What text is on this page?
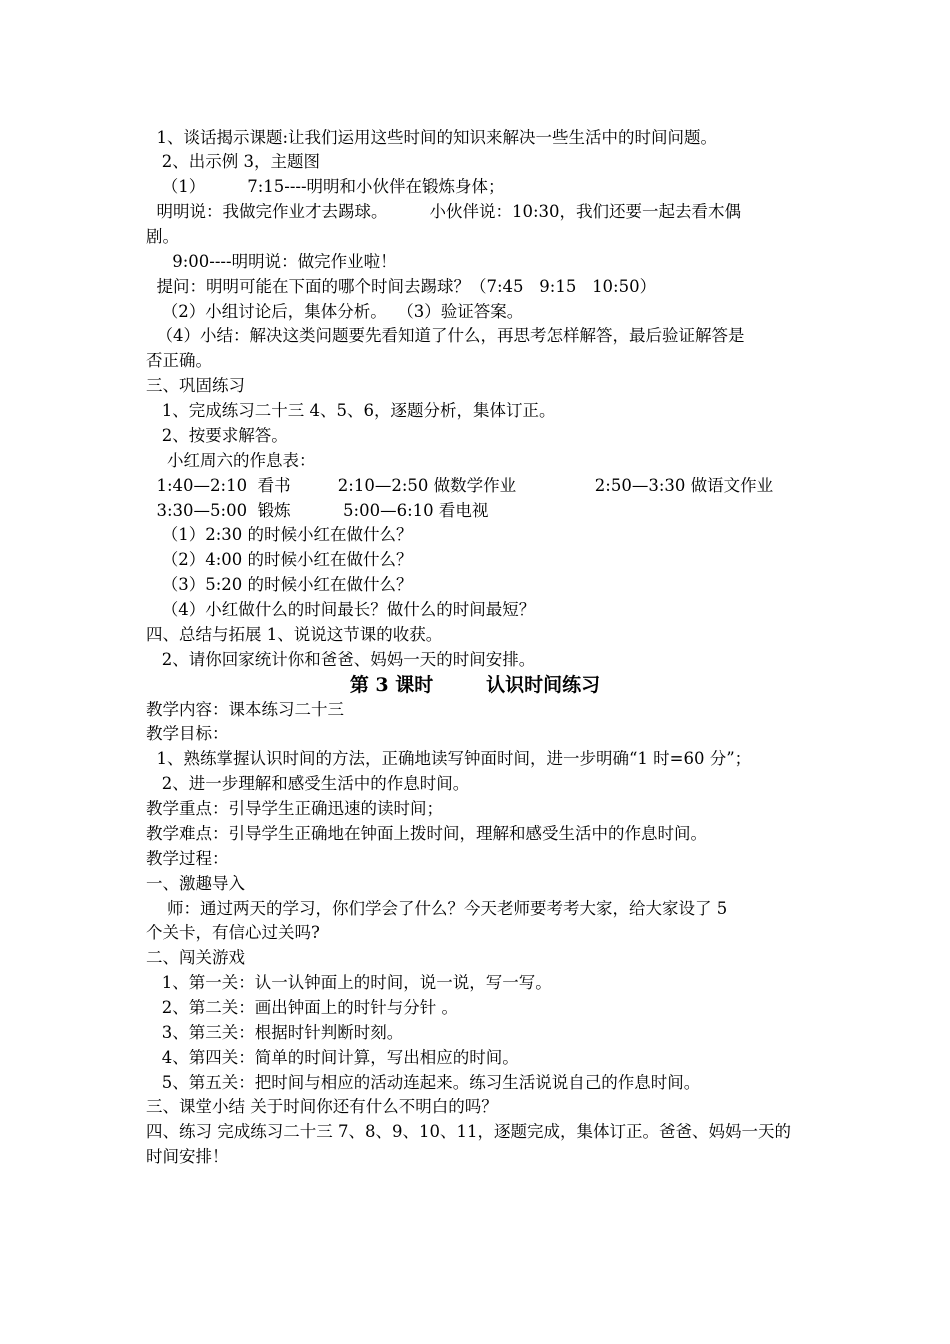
1、谈话揭示课题:让我们运用这些时间的知识来解决一些生活中的时间问题。
2、出示例 3，主题图
（1）        7:15----明明和小伙伴在锻炼身体；
明明说：我做完作业才去踢球。        小伙伴说：10:30，我们还要一起去看木偶
剧。
9:00----明明说：做完作业啦！
提问：明明可能在下面的哪个时间去踢球？（7:45   9:15   10:50）
（2）小组讨论后，集体分析。  （3）验证答案。
（4）小结：解决这类问题要先看知道了什么，再思考怎样解答，最后验证解答是
否正确。
三、巩固练习
1、完成练习二十三 4、5、6，逐题分析，集体订正。
2、按要求解答。
小红周六的作息表：
1:40—2:10  看书         2:10—2:50 做数学作业               2:50—3:30 做语文作业
3:30—5:00  锻炼          5:00—6:10 看电视
（1）2:30 的时候小红在做什么？
（2）4:00 的时候小红在做什么？
（3）5:20 的时候小红在做什么？
（4）小红做什么的时间最长？做什么的时间最短？
四、总结与拓展 1、说说这节课的收获。
2、请你回家统计你和爸爸、妈妈一天的时间安排。
第 3 课时        认识时间练习
教学内容：课本练习二十三
教学目标：
1、熟练掌握认识时间的方法，正确地读写钟面时间，进一步明确“1 时=60 分”；
2、进一步理解和感受生活中的作息时间。
教学重点：引导学生正确迅速的读时间；
教学难点：引导学生正确地在钟面上拨时间，理解和感受生活中的作息时间。
教学过程：
一、激趣导入
师：通过两天的学习，你们学会了什么？今天老师要考考大家，给大家设了 5
个关卡，有信心过关吗?
二、闯关游戏
1、第一关：认一认钟面上的时间，说一说，写一写。
2、第二关：画出钟面上的时针与分针 。
3、第三关：根据时针判断时刻。
4、第四关：简单的时间计算，写出相应的时间。
5、第五关：把时间与相应的活动连起来。练习生活说说自己的作息时间。
三、课堂小结 关于时间你还有什么不明白的吗？
四、练习 完成练习二十三 7、8、9、10、11，逐题完成，集体订正。爸爸、妈妈一天的
时间安排！
